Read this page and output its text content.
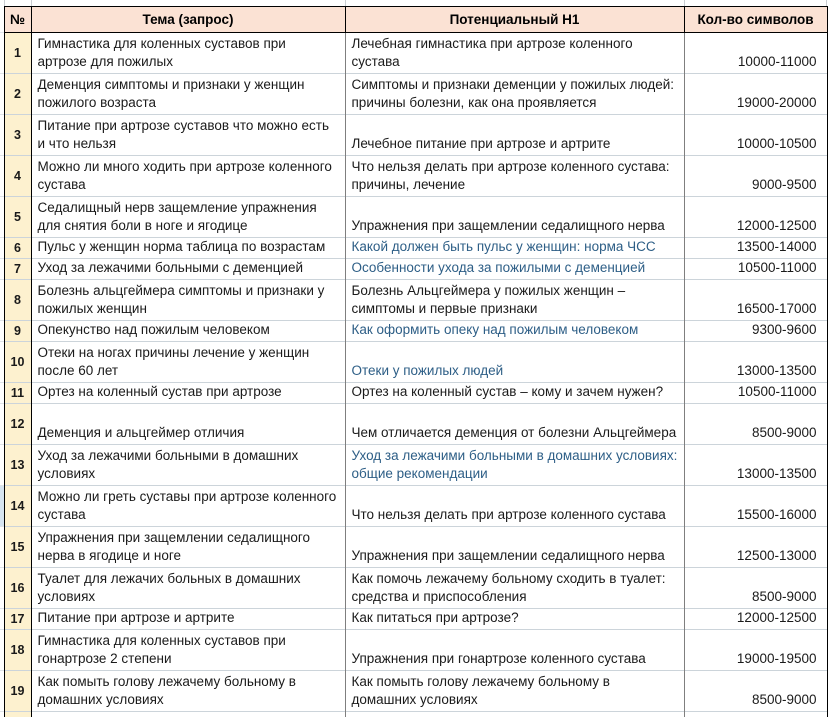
	№	Тема (запрос)	Потенциальный Н1	Кол-во символов
	1	Гимнастика для коленных суставов при артрозе для пожилых	Лечебная гимнастика при артрозе коленного сустава	10000-11000
	2	Деменция симптомы и признаки у женщин пожилого возраста	Симптомы и признаки деменции у пожилых людей: причины болезни, как она проявляется	19000-20000
	3	Питание при артрозе суставов что можно есть и что нельзя	Лечебное питание при артрозе и артрите	10000-10500
	4	Можно ли много ходить при артрозе коленного сустава	Что нельзя делать при артрозе коленного сустава: причины, лечение	9000-9500
	5	Седалищный нерв защемление упражнения для снятия боли в ноге и ягодице	Упражнения при защемлении седалищного нерва	12000-12500
	6	Пульс у женщин норма таблица по возрастам	Какой должен быть пульс у женщин: норма ЧСС	13500-14000
	7	Уход за лежачими больными с деменцией	Особенности ухода за пожилыми с деменцией	10500-11000
	8	Болезнь альцгеймера симптомы и признаки у пожилых женщин	Болезнь Альцгеймера у пожилых женщин – симптомы и первые признаки	16500-17000
	9	Опекунство над пожилым человеком	Как оформить опеку над пожилым человеком	9300-9600
	10	Отеки на ногах причины лечение у женщин после 60 лет	Отеки у пожилых людей	13000-13500
	11	Ортез на коленный сустав при артрозе	Ортез на коленный сустав – кому и зачем нужен?	10500-11000
	12	Деменция и альцгеймер отличия	Чем отличается деменция от болезни Альцгеймера	8500-9000
	13	Уход за лежачими больными в домашних условиях	Уход за лежачими больными в домашних условиях: общие рекомендации	13000-13500
	14	Можно ли греть суставы при артрозе коленного сустава	Что нельзя делать при артрозе коленного сустава	15500-16000
	15	Упражнения при защемлении седалищного нерва в ягодице и ноге	Упражнения при защемлении седалищного нерва	12500-13000
	16	Туалет для лежачих больных в домашних условиях	Как помочь лежачему больному сходить в туалет: средства и приспособления	8500-9000
	17	Питание при артрозе и артрите	Как питаться при артрозе?	12000-12500
	18	Гимнастика для коленных суставов при гонартрозе 2 степени	Упражнения при гонартрозе коленного сустава	19000-19500
	19	Как помыть голову лежачему больному в домашних условиях	Как помыть голову лежачему больному в домашних условиях	8500-9000
